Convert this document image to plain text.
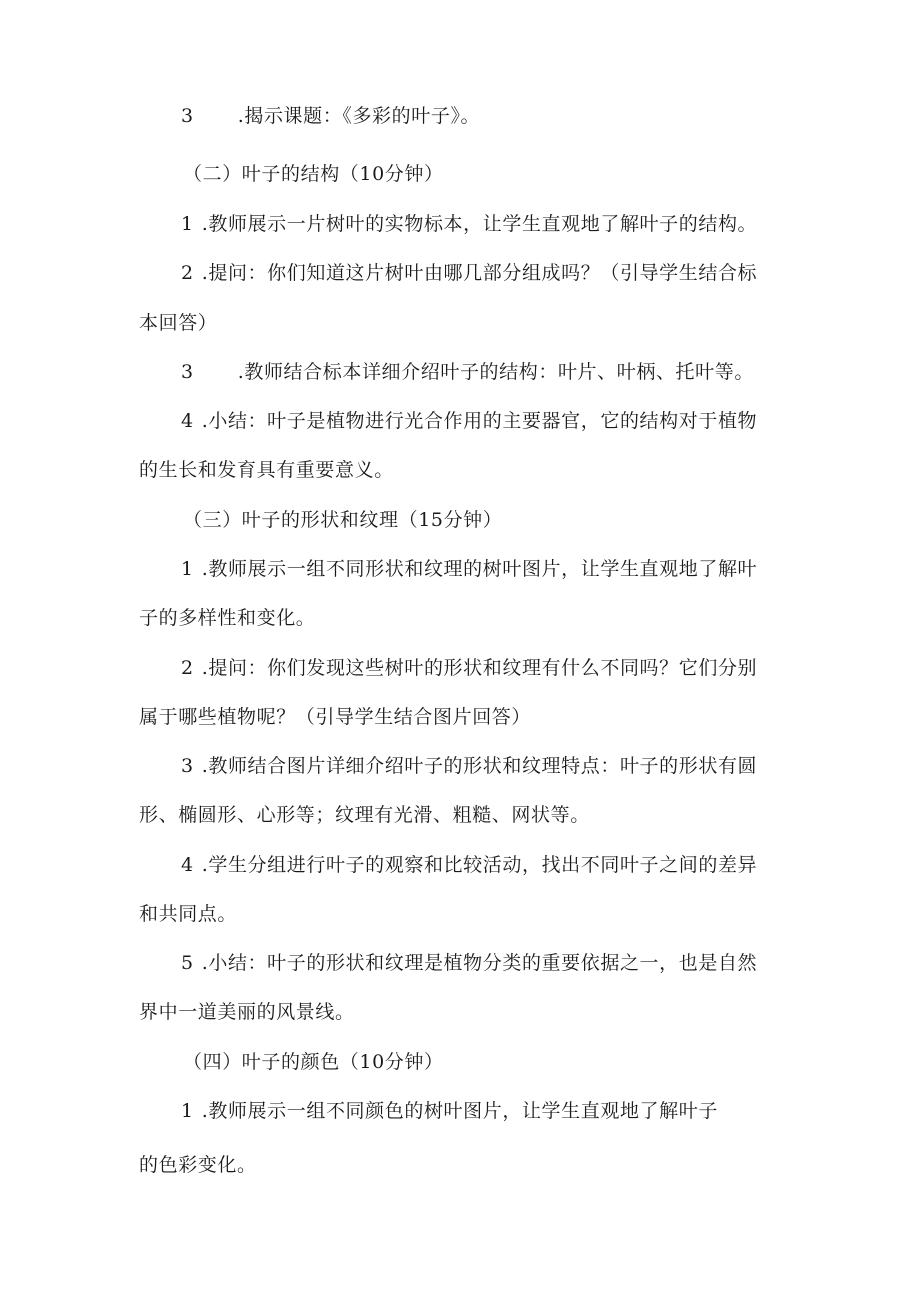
3 .揭示课题：《多彩的叶子》。
（二）叶子的结构（10分钟）
1 .教师展示一片树叶的实物标本，让学生直观地了解叶子的结构。
2 .提问：你们知道这片树叶由哪几部分组成吗？（引导学生结合标
本回答）
3 .教师结合标本详细介绍叶子的结构：叶片、叶柄、托叶等。
4 .小结：叶子是植物进行光合作用的主要器官，它的结构对于植物
的生长和发育具有重要意义。
（三）叶子的形状和纹理（15分钟）
1 .教师展示一组不同形状和纹理的树叶图片，让学生直观地了解叶
子的多样性和变化。
2 .提问：你们发现这些树叶的形状和纹理有什么不同吗？它们分别
属于哪些植物呢？（引导学生结合图片回答）
3 .教师结合图片详细介绍叶子的形状和纹理特点：叶子的形状有圆
形、椭圆形、心形等；纹理有光滑、粗糙、网状等。
4 .学生分组进行叶子的观察和比较活动，找出不同叶子之间的差异
和共同点。
5 .小结：叶子的形状和纹理是植物分类的重要依据之一，也是自然
界中一道美丽的风景线。
（四）叶子的颜色（10分钟）
1 .教师展示一组不同颜色的树叶图片，让学生直观地了解叶子
的色彩变化。
